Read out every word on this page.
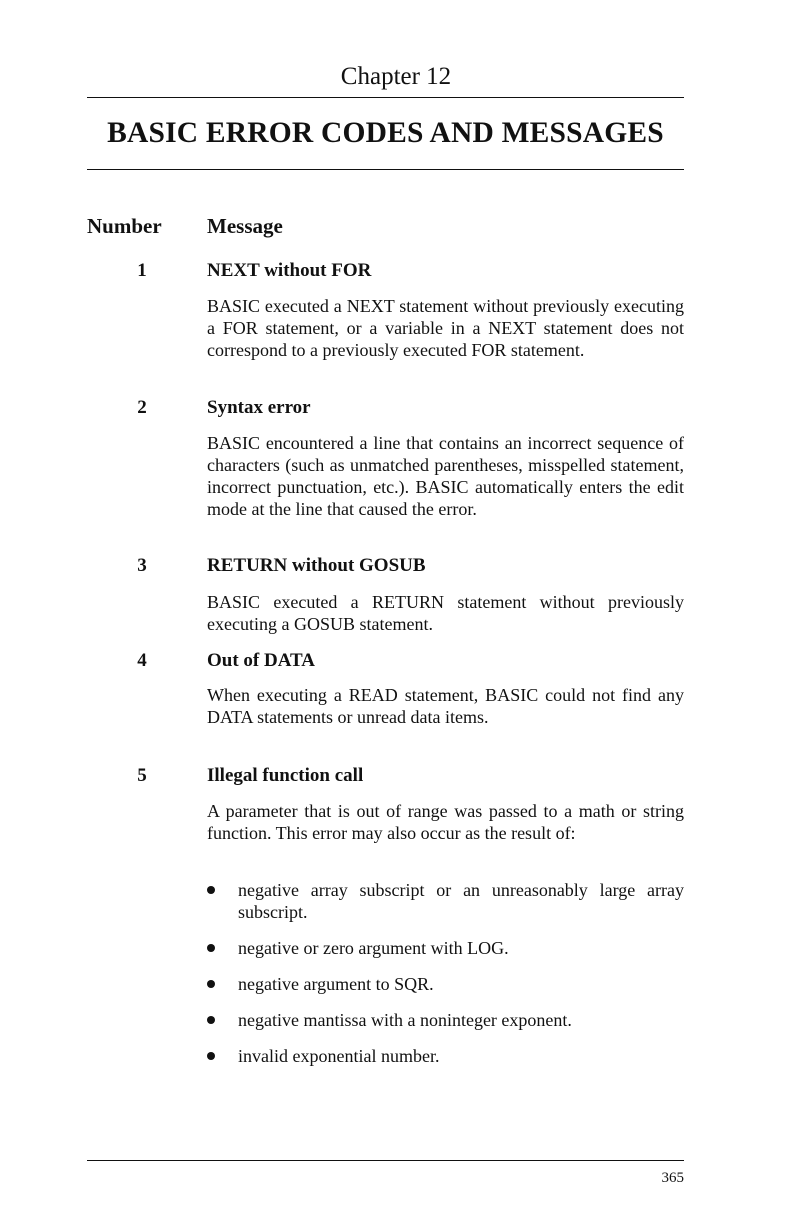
Chapter 12
BASIC ERROR CODES AND MESSAGES
Number Message
1	NEXT without FOR
BASIC executed a NEXT statement without previously executing a FOR statement, or a variable in a NEXT statement does not correspond to a previously executed FOR statement.
2	Syntax error
BASIC encountered a line that contains an incorrect sequence of characters (such as unmatched parentheses, misspelled statement, incorrect punctuation, etc.). BASIC automatically enters the edit mode at the line that caused the error.
3	RETURN without GOSUB
BASIC executed a RETURN statement without previously executing a GOSUB statement.
4	Out of DATA
When executing a READ statement, BASIC could not find any DATA statements or unread data items.
5	Illegal function call
A parameter that is out of range was passed to a math or string function. This error may also occur as the result of:
negative array subscript or an unreasonably large array subscript.
negative or zero argument with LOG.
negative argument to SQR.
negative mantissa with a noninteger exponent.
invalid exponential number.
365
